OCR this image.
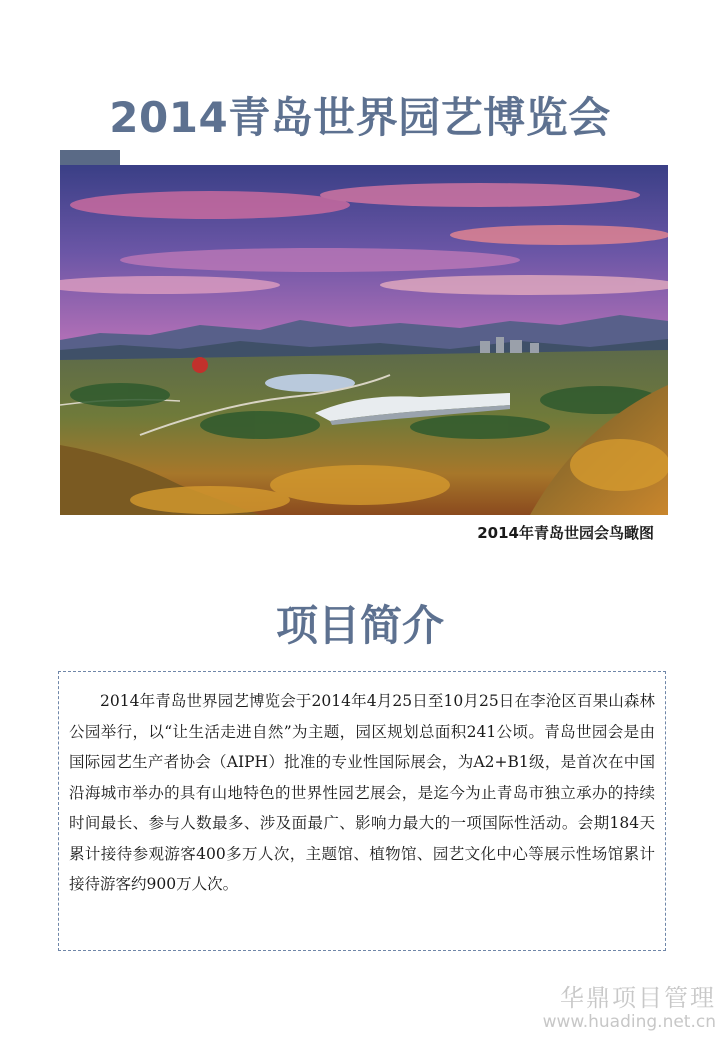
2014青岛世界园艺博览会
2014年青岛世园会鸟瞰图
项目简介

2014年青岛世界园艺博览会于2014年4月25日至10月25日在李沧区百果山森林公园举行，以“让生活走进自然”为主题，园区规划总面积241公顷。青岛世园会是由国际园艺生产者协会（AIPH）批准的专业性国际展会，为A2+B1级，是首次在中国沿海城市举办的具有山地特色的世界性园艺展会，是迄今为止青岛市独立承办的持续时间最长、参与人数最多、涉及面最广、影响力最大的一项国际性活动。会期184天累计接待参观游客400多万人次，主题馆、植物馆、园艺文化中心等展示性场馆累计接待游客约900万人次。

华鼎项目管理
www.huading.net.cn
